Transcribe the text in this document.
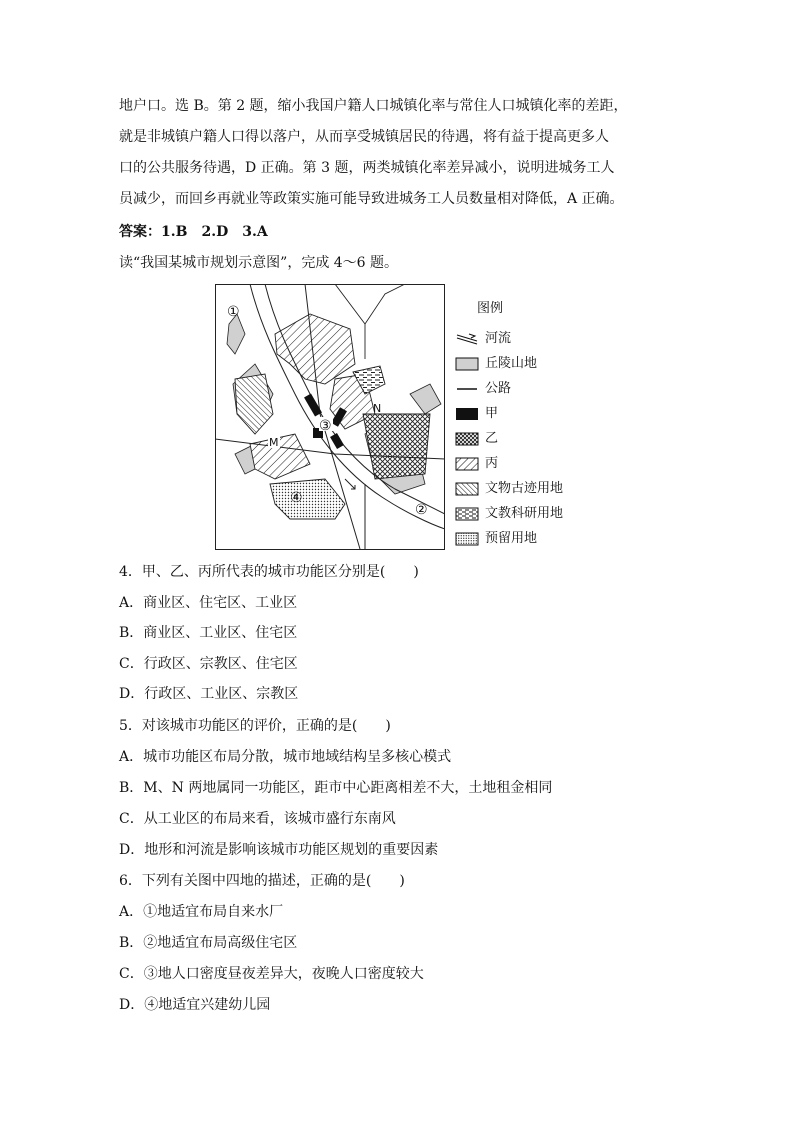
地户口。选 B。第 2 题，缩小我国户籍人口城镇化率与常住人口城镇化率的差距，
就是非城镇户籍人口得以落户，从而享受城镇居民的待遇，将有益于提高更多人
口的公共服务待遇，D 正确。第 3 题，两类城镇化率差异减小，说明进城务工人
员减少，而回乡再就业等政策实施可能导致进城务工人员数量相对降低，A 正确。

答案：1.B　2.D　3.A

读“我国某城市规划示意图”，完成 4～6 题。

①
②
③
④
M
N
图例
河流
丘陵山地
公路
甲
乙
丙
文物古迹用地
文教科研用地
预留用地

4．甲、乙、丙所代表的城市功能区分别是(　　)

A．商业区、住宅区、工业区

B．商业区、工业区、住宅区

C．行政区、宗教区、住宅区

D．行政区、工业区、宗教区

5．对该城市功能区的评价，正确的是(　　)

A．城市功能区布局分散，城市地域结构呈多核心模式

B．M、N 两地属同一功能区，距市中心距离相差不大，土地租金相同

C．从工业区的布局来看，该城市盛行东南风

D．地形和河流是影响该城市功能区规划的重要因素

6．下列有关图中四地的描述，正确的是(　　)

A．①地适宜布局自来水厂

B．②地适宜布局高级住宅区

C．③地人口密度昼夜差异大，夜晚人口密度较大

D．④地适宜兴建幼儿园
